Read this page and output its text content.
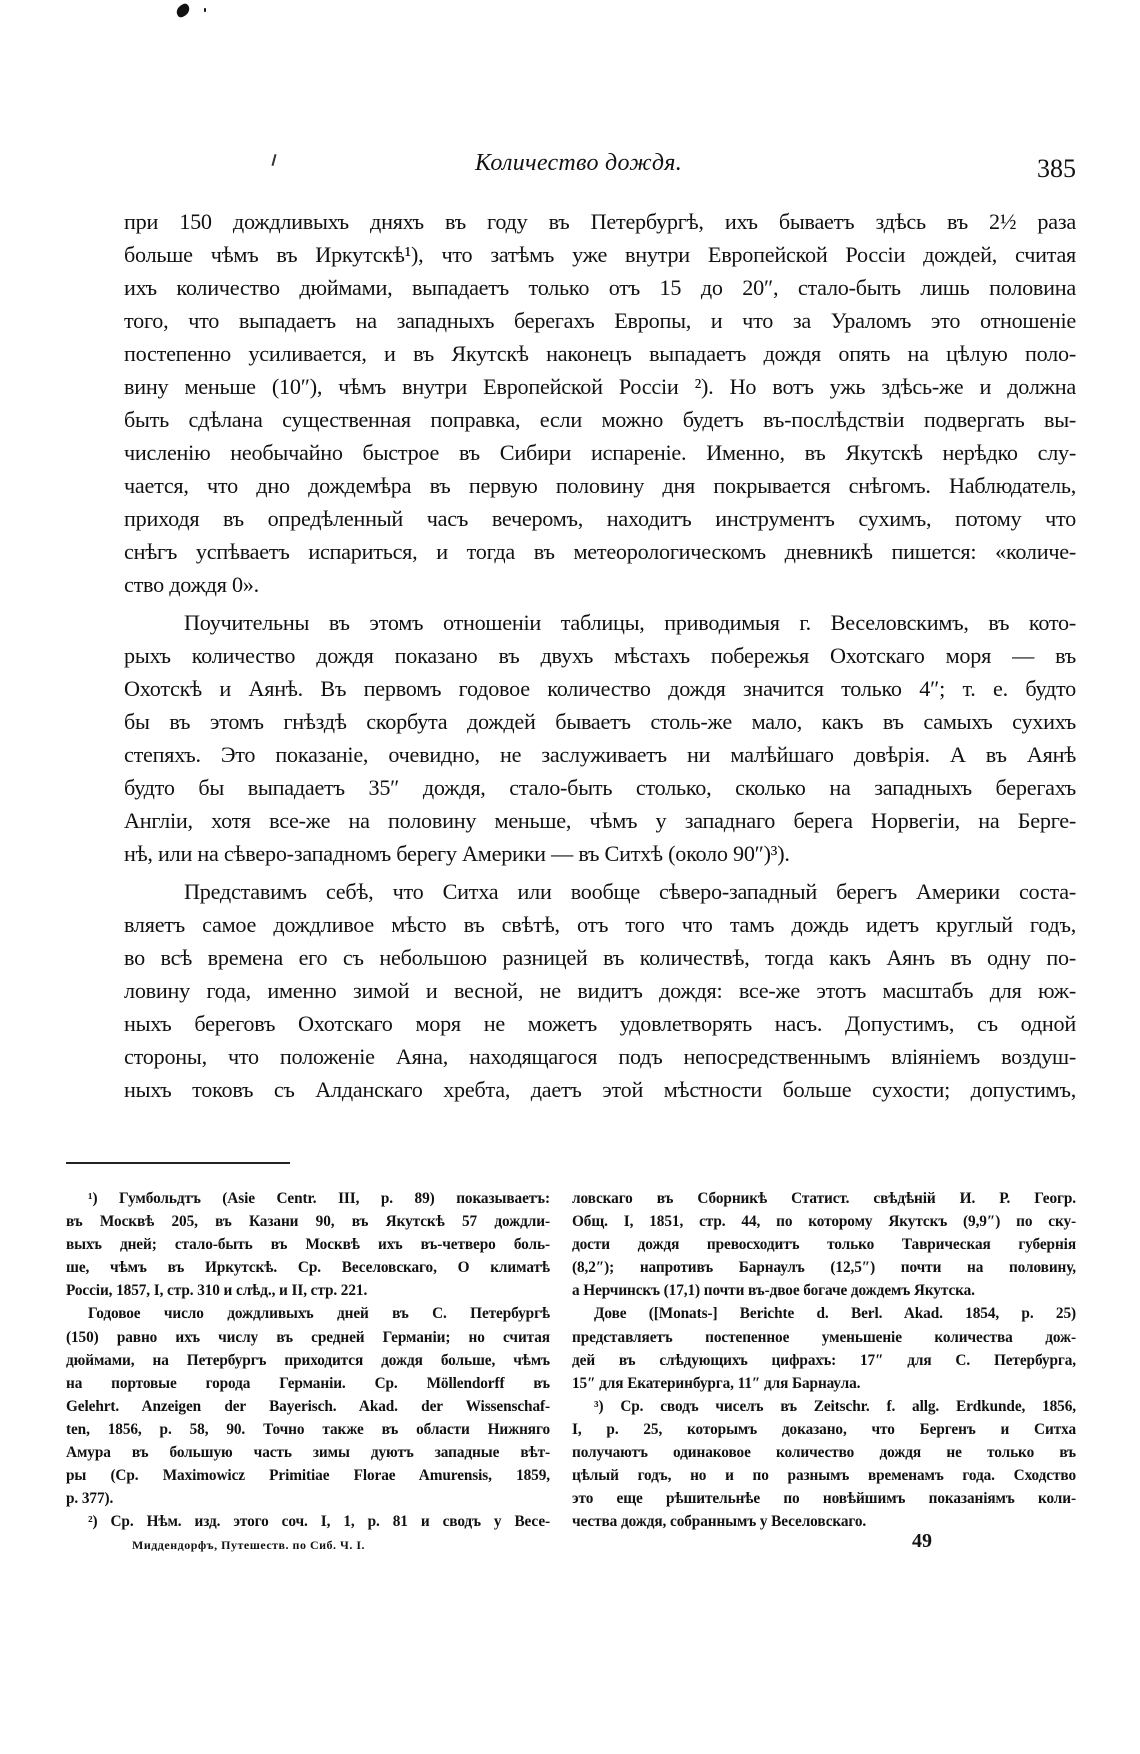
Количество дождя.	385
при 150 дождливыхъ дняхъ въ году въ Петербургѣ, ихъ бываетъ здѣсь въ 2½ раза
больше чѣмъ въ Иркутскѣ¹), что затѣмъ уже внутри Европейской Россіи дождей, считая
ихъ количество дюймами, выпадаетъ только отъ 15 до 20″, стало-быть лишь половина
того, что выпадаетъ на западныхъ берегахъ Европы, и что за Ураломъ это отношеніе
постепенно усиливается, и въ Якутскѣ наконецъ выпадаетъ дождя опять на цѣлую поло-
вину меньше (10″), чѣмъ внутри Европейской Россіи ²). Но вотъ ужь здѣсь-же и должна
быть сдѣлана существенная поправка, если можно будетъ въ-послѣдствіи подвергать вы-
численію необычайно быстрое въ Сибири испареніе. Именно, въ Якутскѣ нерѣдко слу-
чается, что дно дождемѣра въ первую половину дня покрывается снѣгомъ. Наблюдатель,
приходя въ опредѣленный часъ вечеромъ, находитъ инструментъ сухимъ, потому что
снѣгъ успѣваетъ испариться, и тогда въ метеорологическомъ дневникѣ пишется: «количе-
ство дождя 0».
Поучительны въ этомъ отношеніи таблицы, приводимыя г. Веселовскимъ, въ кото-
рыхъ количество дождя показано въ двухъ мѣстахъ побережья Охотскаго моря — въ
Охотскѣ и Аянѣ. Въ первомъ годовое количество дождя значится только 4″; т. е. будто
бы въ этомъ гнѣздѣ скорбута дождей бываетъ столь-же мало, какъ въ самыхъ сухихъ
степяхъ. Это показаніе, очевидно, не заслуживаетъ ни малѣйшаго довѣрія. А въ Аянѣ
будто бы выпадаетъ 35″ дождя, стало-быть столько, сколько на западныхъ берегахъ
Англіи, хотя все-же на половину меньше, чѣмъ у западнаго берега Норвегіи, на Берге-
нѣ, или на сѣверо-западномъ берегу Америки — въ Ситхѣ (около 90″)³).
Представимъ себѣ, что Ситха или вообще сѣверо-западный берегъ Америки соста-
вляетъ самое дождливое мѣсто въ свѣтѣ, отъ того что тамъ дождь идетъ круглый годъ,
во всѣ времена его съ небольшою разницей въ количествѣ, тогда какъ Аянъ въ одну по-
ловину года, именно зимой и весной, не видитъ дождя: все-же этотъ масштабъ для юж-
ныхъ береговъ Охотскаго моря не можетъ удовлетворять насъ. Допустимъ, съ одной
стороны, что положеніе Аяна, находящагося подъ непосредственнымъ вліяніемъ воздуш-
ныхъ токовъ съ Алданскаго хребта, даетъ этой мѣстности больше сухости; допустимъ,
¹) Гумбольдтъ (Asie Centr. III, p. 89) показываетъ:
въ Москвѣ 205, въ Казани 90, въ Якутскѣ 57 дождли-
выхъ дней; стало-быть въ Москвѣ ихъ въ-четверо боль-
ше, чѣмъ въ Иркутскѣ. Ср. Веселовскаго, О климатѣ
Россіи, 1857, I, стр. 310 и слѣд., и II, стр. 221.
Годовое число дождливыхъ дней въ С. Петербургѣ
(150) равно ихъ числу въ средней Германіи; но считая
дюймами, на Петербургъ приходится дождя больше, чѣмъ
на портовые города Германіи. Ср. Möllendorff въ
Gelehrt. Anzeigen der Bayerisch. Akad. der Wissenschaf-
ten, 1856, p. 58, 90. Точно также въ области Нижняго
Амура въ большую часть зимы дуютъ западные вѣт-
ры (Cp. Maximowicz Primitiae Florae Amurensis, 1859,
p. 377).
²) Ср. Нѣм. изд. этого соч. I, 1, p. 81 и сводъ у Весе-
ловскаго въ Сборникѣ Статист. свѣдѣній И. Р. Геогр.
Общ. I, 1851, стр. 44, по которому Якутскъ (9,9″) по ску-
дости дождя превосходитъ только Таврическая губернія
(8,2″); напротивъ Барнаулъ (12,5″) почти на половину,
а Нерчинскъ (17,1) почти въ-двое богаче дождемъ Якутска.
Дове ([Monats-] Berichte d. Berl. Akad. 1854, p. 25)
представляетъ постепенное уменьшеніе количества дож-
дей въ слѣдующихъ цифрахъ: 17″ для С. Петербурга,
15″ для Екатеринбурга, 11″ для Барнаула.
³) Ср. сводъ чиселъ въ Zeitschr. f. allg. Erdkunde, 1856,
I, p. 25, которымъ доказано, что Бергенъ и Ситха
получаютъ одинаковое количество дождя не только въ
цѣлый годъ, но и по разнымъ временамъ года. Сходство
это еще рѣшительнѣе по новѣйшимъ показаніямъ коли-
чества дождя, собраннымъ у Веселовскаго.
Миддендорфъ, Путешеств. по Сиб. Ч. I.	49
